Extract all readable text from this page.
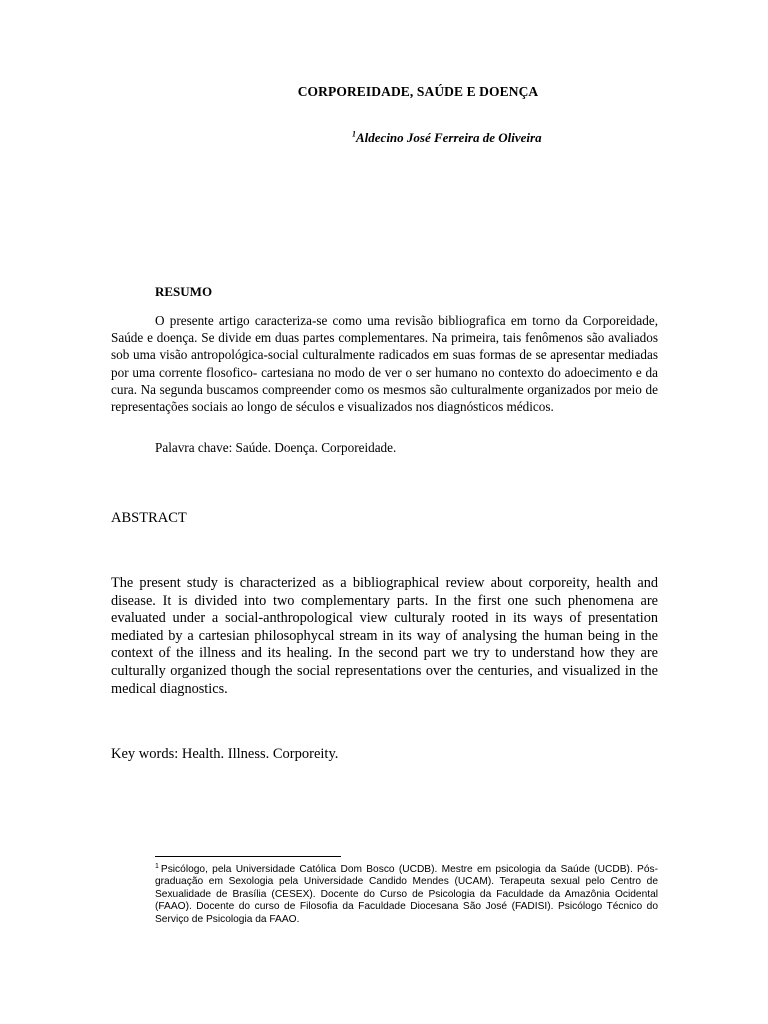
CORPOREIDADE, SAÚDE E DOENÇA
$^1$Aldecino José Ferreira de Oliveira
RESUMO

O presente artigo caracteriza-se como uma revisão bibliografica em torno da Corporeidade, Saúde e doença. Se divide em duas partes complementares. Na primeira, tais fenômenos são avaliados sob uma visão antropológica-social culturalmente radicados em suas formas de se apresentar mediadas por uma corrente flosofico- cartesiana no modo de ver o ser humano no contexto do adoecimento e da cura. Na segunda buscamos compreender como os mesmos são culturalmente organizados por meio de representações sociais ao longo de séculos e visualizados nos diagnósticos médicos.

Palavra chave: Saúde. Doença. Corporeidade.
ABSTRACT

The present study is characterized as a bibliographical review about corporeity, health and disease. It is divided into two complementary parts. In the first one such phenomena are evaluated under a social-anthropological view culturaly rooted in its ways of presentation mediated by a cartesian philosophycal stream in its way of analysing the human being in the context of the illness and its healing. In the second part we try to understand how they are culturally organized though the social representations over the centuries, and visualized in the medical diagnostics.

Key words: Health. Illness. Corporeity.

$^1$ Psicólogo, pela Universidade Católica Dom Bosco (UCDB). Mestre em psicologia da Saúde (UCDB). Pós-graduação em Sexologia pela Universidade Candido Mendes (UCAM). Terapeuta sexual pelo Centro de Sexualidade de Brasília (CESEX). Docente do Curso de Psicologia da Faculdade da Amazônia Ocidental (FAAO). Docente do curso de Filosofia da Faculdade Diocesana São José (FADISI). Psicólogo Técnico do Serviço de Psicologia da FAAO.
